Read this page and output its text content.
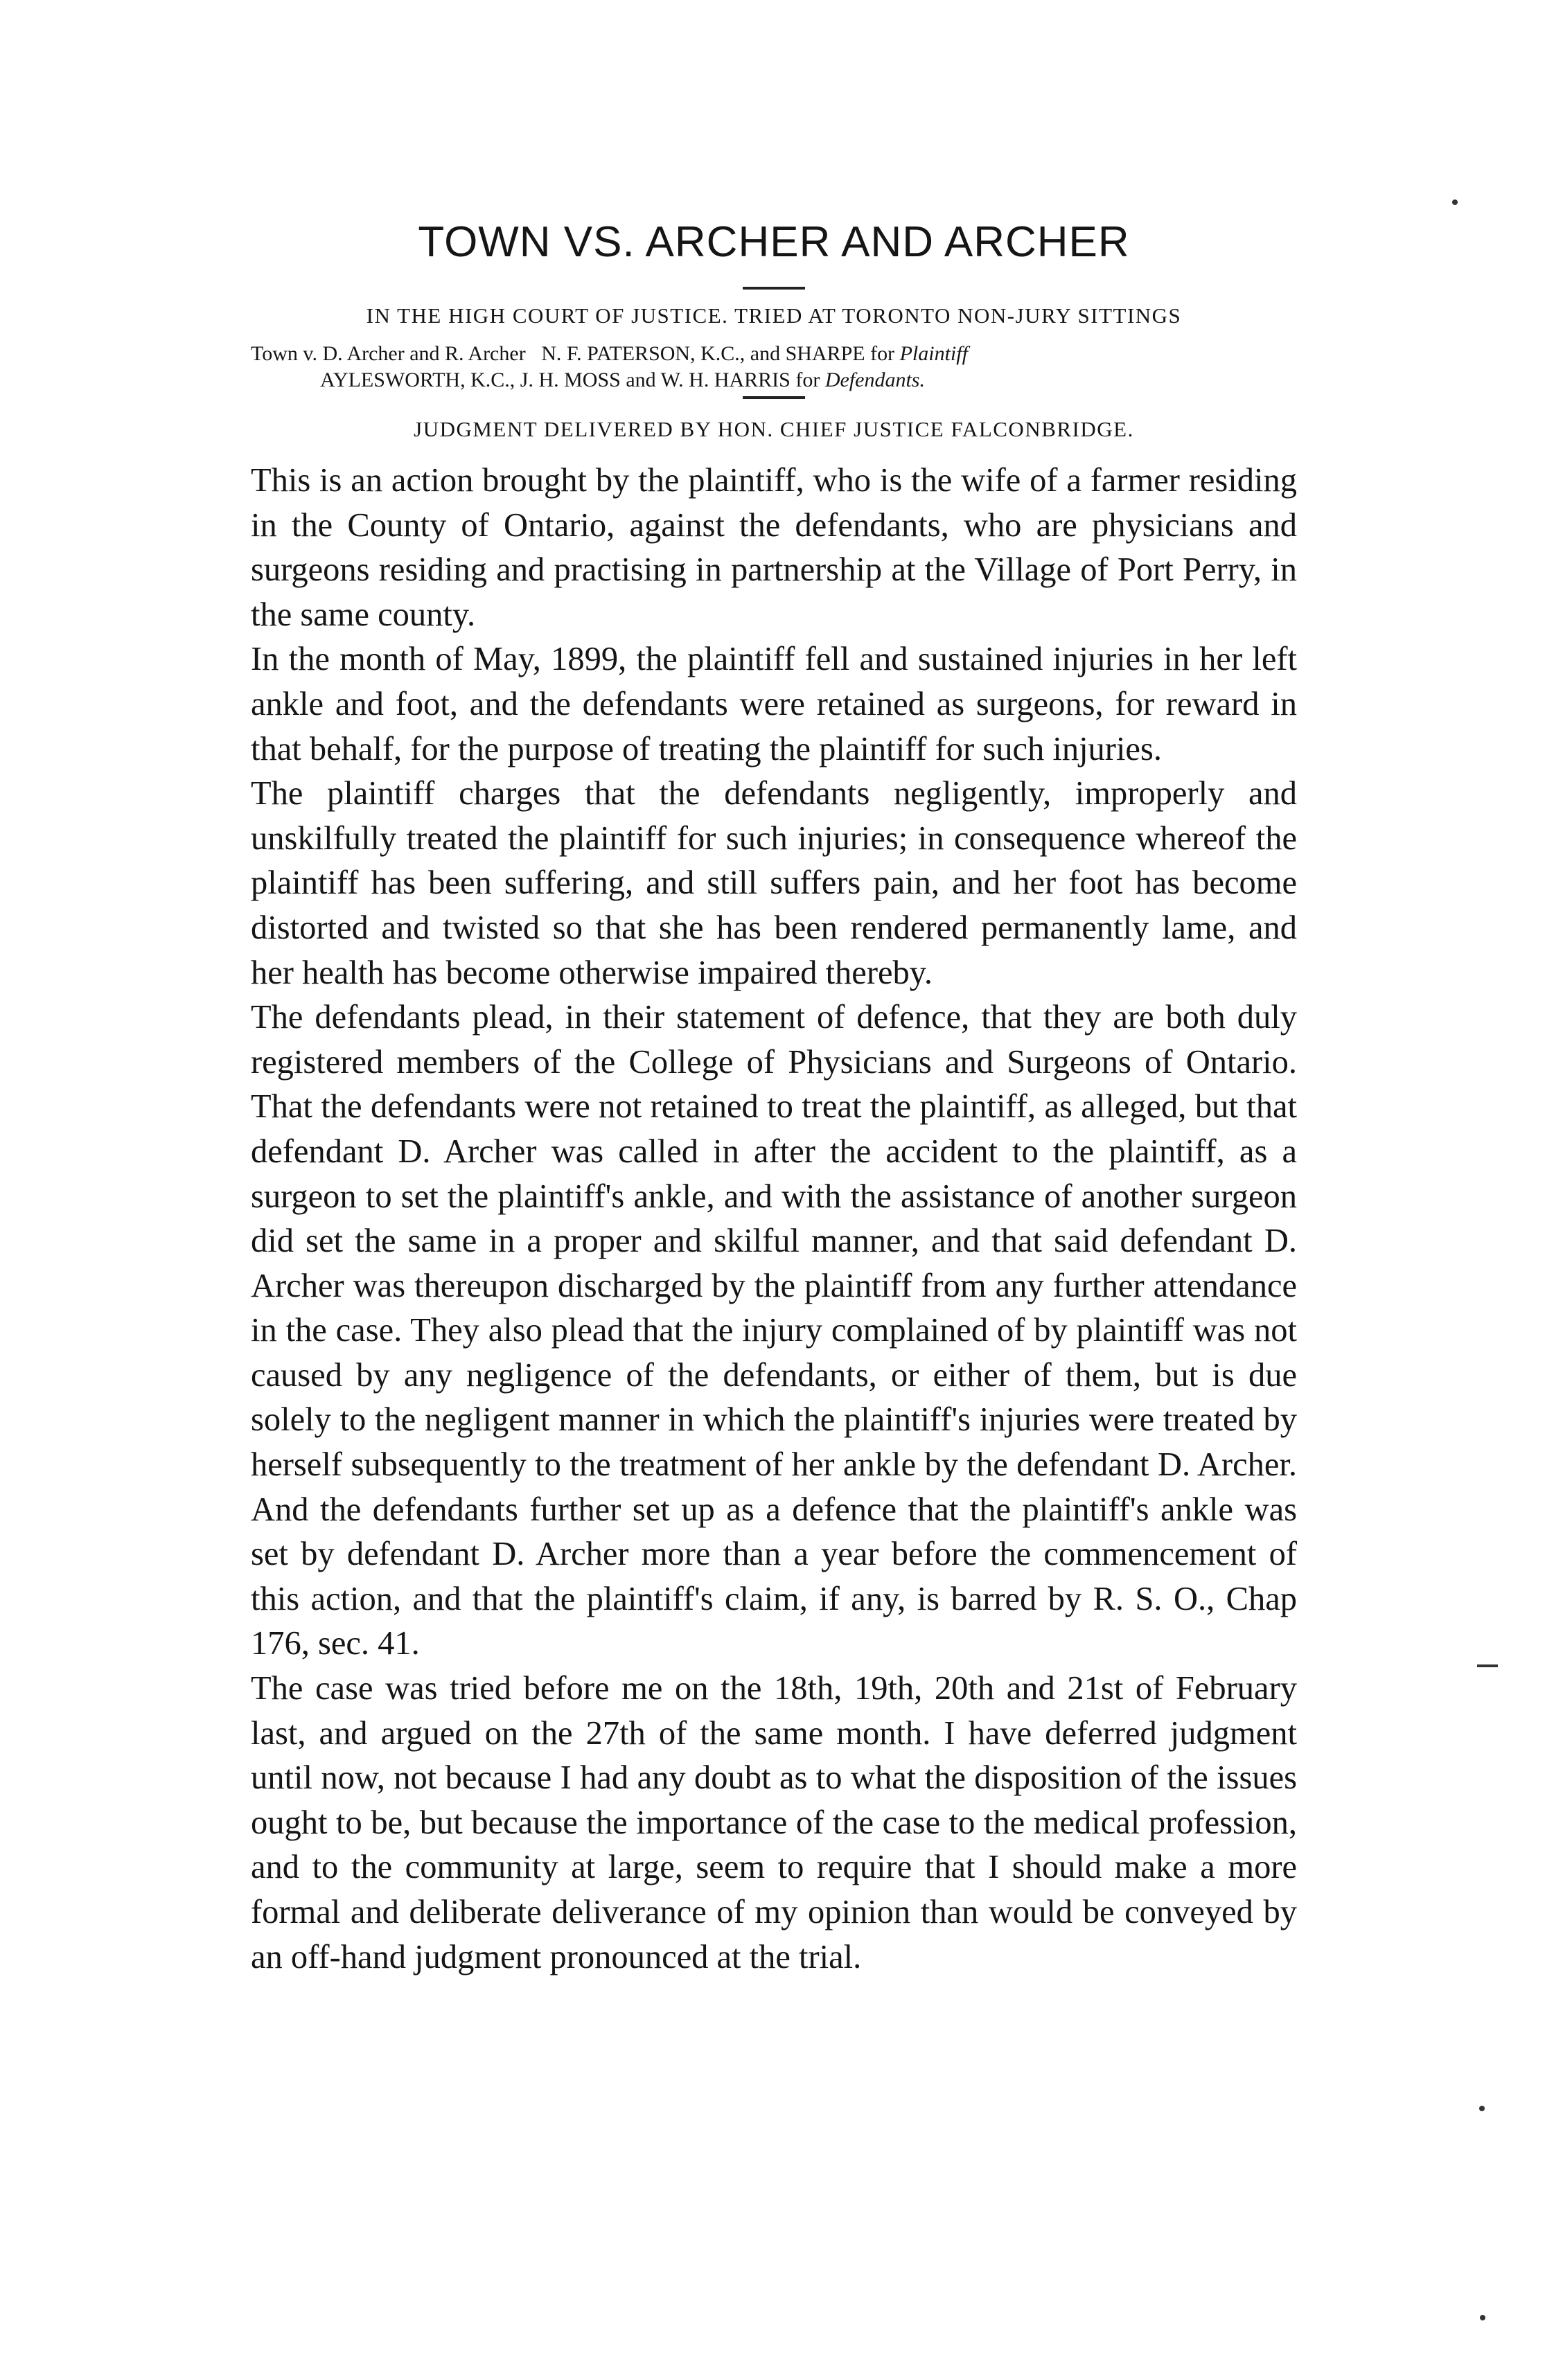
TOWN VS. ARCHER AND ARCHER

IN THE HIGH COURT OF JUSTICE. TRIED AT TORONTO NON-JURY SITTINGS

Town v. D. Archer and R. Archer N. F. PATERSON, K.C., and SHARPE for Plaintiff
AYLESWORTH, K.C., J. H. MOSS and W. H. HARRIS for Defendants.

JUDGMENT DELIVERED BY HON. CHIEF JUSTICE FALCONBRIDGE.

This is an action brought by the plaintiff, who is the wife of a farmer residing in the County of Ontario, against the defendants, who are physicians and surgeons residing and practising in partnership at the Village of Port Perry, in the same county.

In the month of May, 1899, the plaintiff fell and sustained injuries in her left ankle and foot, and the defendants were retained as surgeons, for reward in that behalf, for the purpose of treating the plaintiff for such injuries.

The plaintiff charges that the defendants negligently, improperly and unskilfully treated the plaintiff for such injuries; in consequence whereof the plaintiff has been suffering, and still suffers pain, and her foot has become distorted and twisted so that she has been rendered permanently lame, and her health has become otherwise impaired thereby.

The defendants plead, in their statement of defence, that they are both duly registered members of the College of Physicians and Surgeons of Ontario. That the defendants were not retained to treat the plaintiff, as alleged, but that defendant D. Archer was called in after the accident to the plaintiff, as a surgeon to set the plaintiff's ankle, and with the assistance of another surgeon did set the same in a proper and skilful manner, and that said defendant D. Archer was thereupon discharged by the plaintiff from any further attendance in the case. They also plead that the injury complained of by plaintiff was not caused by any negligence of the defendants, or either of them, but is due solely to the negligent manner in which the plaintiff's injuries were treated by herself subsequently to the treatment of her ankle by the defendant D. Archer. And the defendants further set up as a defence that the plaintiff's ankle was set by defendant D. Archer more than a year before the commencement of this action, and that the plaintiff's claim, if any, is barred by R. S. O., Chap 176, sec. 41.

The case was tried before me on the 18th, 19th, 20th and 21st of February last, and argued on the 27th of the same month. I have deferred judgment until now, not because I had any doubt as to what the disposition of the issues ought to be, but because the importance of the case to the medical profession, and to the community at large, seem to require that I should make a more formal and deliberate deliverance of my opinion than would be conveyed by an off-hand judgment pronounced at the trial.
